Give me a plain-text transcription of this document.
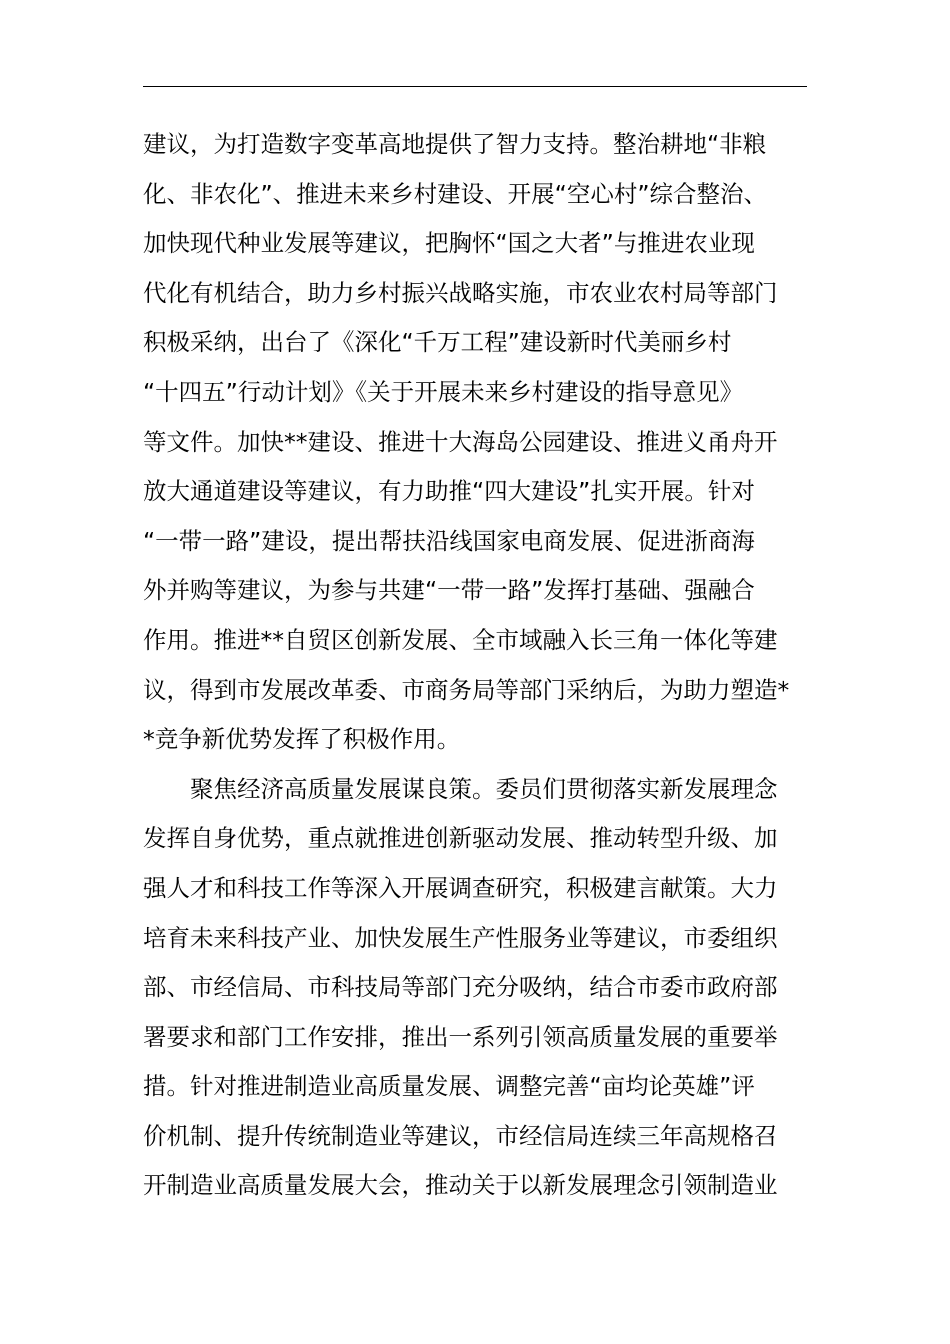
建议，为打造数字变革高地提供了智力支持。整治耕地“非粮
化、非农化”、推进未来乡村建设、开展“空心村”综合整治、
加快现代种业发展等建议，把胸怀“国之大者”与推进农业现
代化有机结合，助力乡村振兴战略实施，市农业农村局等部门
积极采纳，出台了《深化“千万工程”建设新时代美丽乡村
“十四五”行动计划》《关于开展未来乡村建设的指导意见》
等文件。加快**建设、推进十大海岛公园建设、推进义甬舟开
放大通道建设等建议，有力助推“四大建设”扎实开展。针对
“一带一路”建设，提出帮扶沿线国家电商发展、促进浙商海
外并购等建议，为参与共建“一带一路”发挥打基础、强融合
作用。推进**自贸区创新发展、全市域融入长三角一体化等建
议，得到市发展改革委、市商务局等部门采纳后，为助力塑造*
*竞争新优势发挥了积极作用。
聚焦经济高质量发展谋良策。委员们贯彻落实新发展理念
发挥自身优势，重点就推进创新驱动发展、推动转型升级、加
强人才和科技工作等深入开展调查研究，积极建言献策。大力
培育未来科技产业、加快发展生产性服务业等建议，市委组织
部、市经信局、市科技局等部门充分吸纳，结合市委市政府部
署要求和部门工作安排，推出一系列引领高质量发展的重要举
措。针对推进制造业高质量发展、调整完善“亩均论英雄”评
价机制、提升传统制造业等建议，市经信局连续三年高规格召
开制造业高质量发展大会，推动关于以新发展理念引领制造业
